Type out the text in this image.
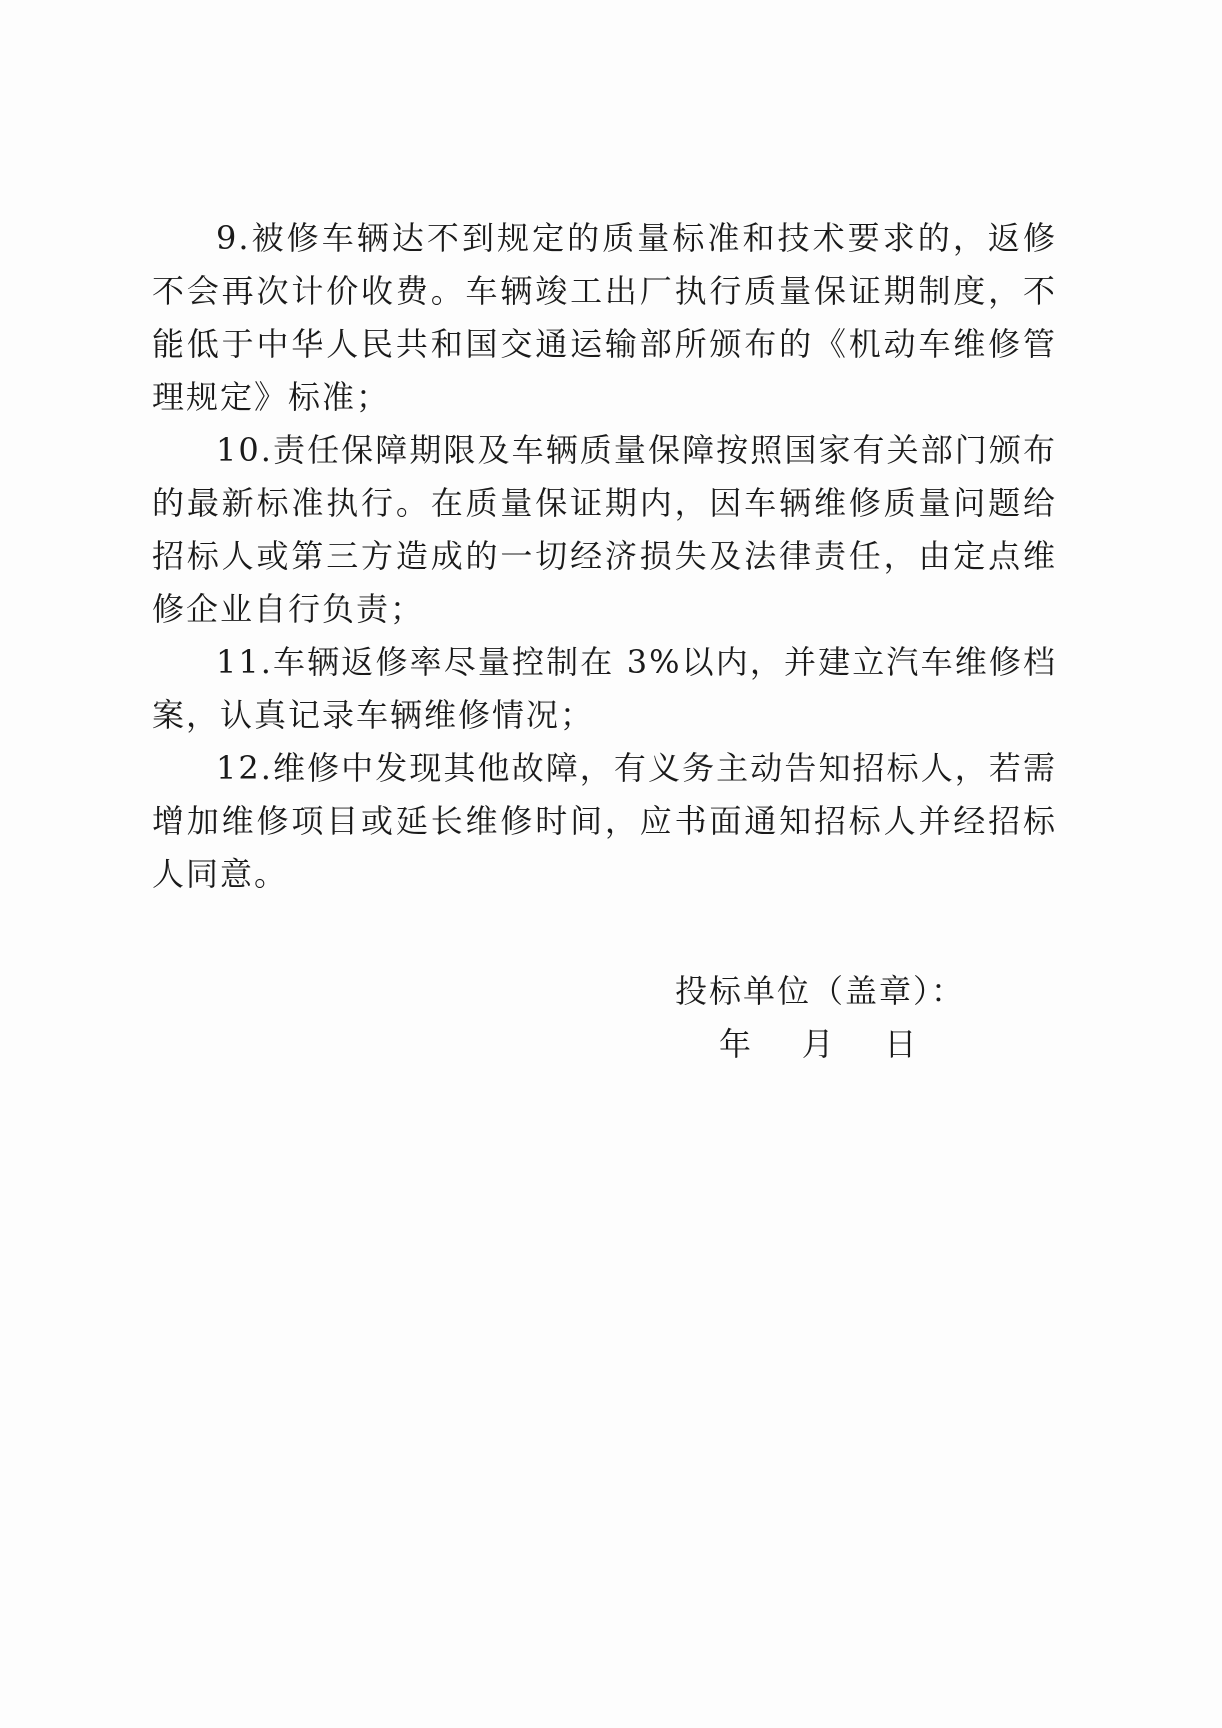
9.被修车辆达不到规定的质量标准和技术要求的，返修不会再次计价收费。车辆竣工出厂执行质量保证期制度，不能低于中华人民共和国交通运输部所颁布的《机动车维修管理规定》标准；

10.责任保障期限及车辆质量保障按照国家有关部门颁布的最新标准执行。在质量保证期内，因车辆维修质量问题给招标人或第三方造成的一切经济损失及法律责任，由定点维修企业自行负责；

11.车辆返修率尽量控制在 3%以内，并建立汽车维修档案，认真记录车辆维修情况；

12.维修中发现其他故障，有义务主动告知招标人，若需增加维修项目或延长维修时间，应书面通知招标人并经招标人同意。

投标单位（盖章）：
年    月    日
